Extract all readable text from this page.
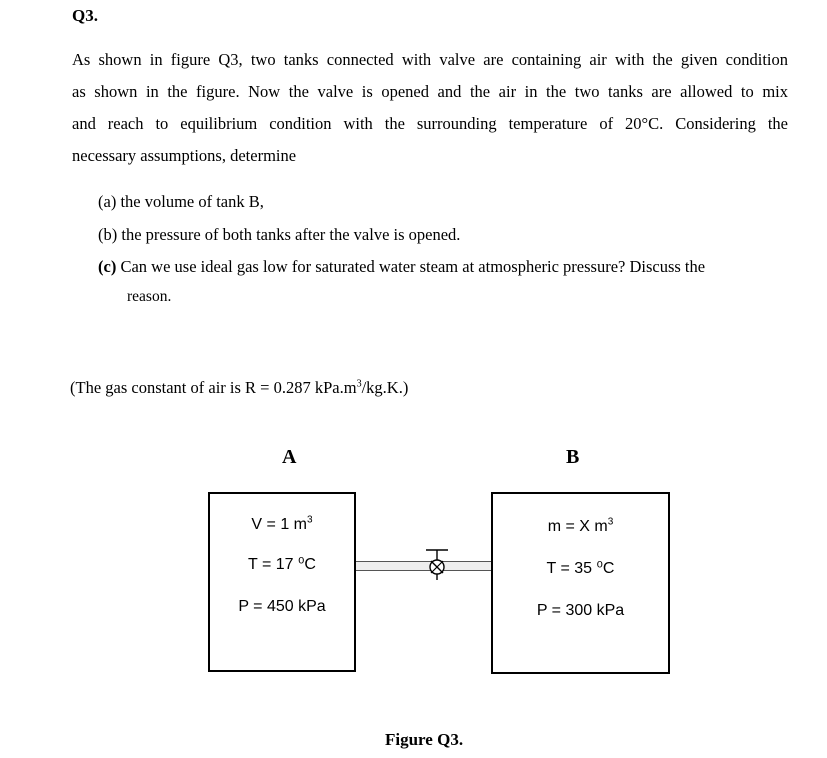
Q3.
As shown in figure Q3, two tanks connected with valve are containing air with the given condition
as shown in the figure. Now the valve is opened and the air in the two tanks are allowed to mix
and reach to equilibrium condition with the surrounding temperature of 20°C. Considering the
necessary assumptions, determine
(a) the volume of tank B,
(b) the pressure of both tanks after the valve is opened.
(c) Can we use ideal gas low for saturated water steam at atmospheric pressure? Discuss the
reason.
(The gas constant of air is R = 0.287 $kPa.m^3/kg.K$.)
A	B
V = 1 $m^3$
T = 17 ⁰C
P = 450 kPa
m = X $m^3$
T = 35 ⁰C
P = 300 kPa
Figure Q3.
